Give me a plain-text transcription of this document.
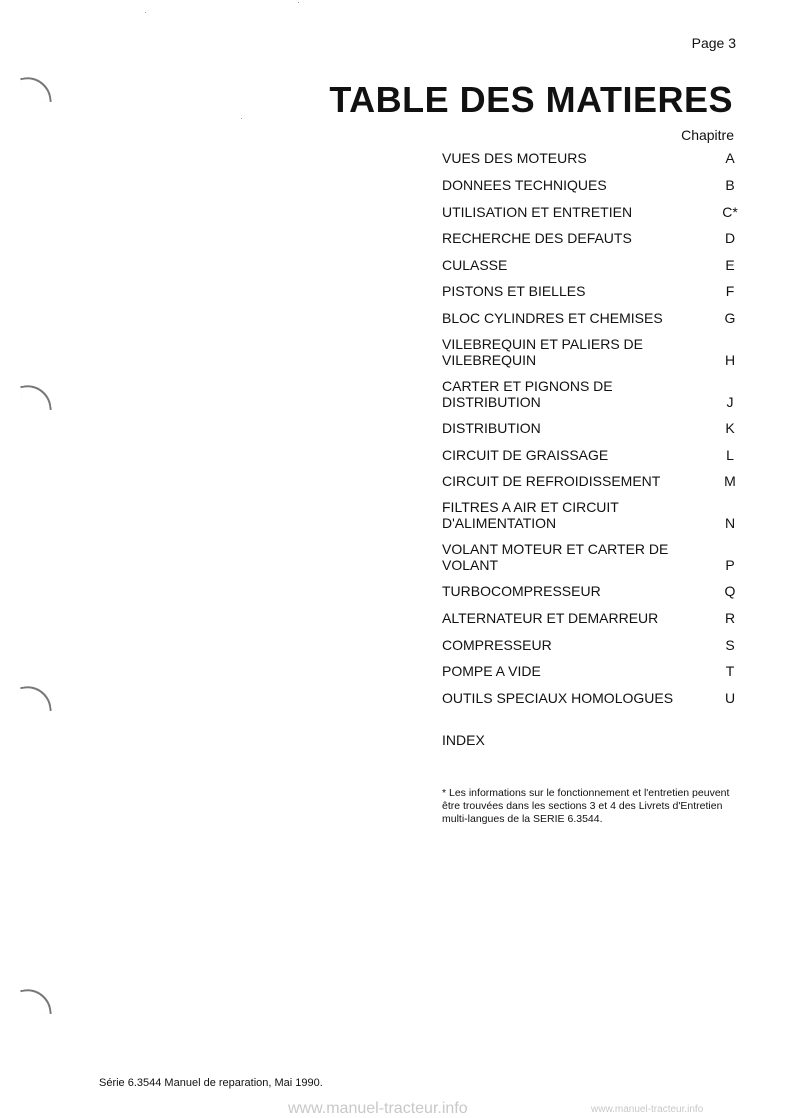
Page 3
TABLE DES MATIERES
Chapitre
VUES DES MOTEURS	A
DONNEES TECHNIQUES	B
UTILISATION ET ENTRETIEN	C*
RECHERCHE DES DEFAUTS	D
CULASSE	E
PISTONS ET BIELLES	F
BLOC CYLINDRES ET CHEMISES	G
VILEBREQUIN ET PALIERS DE VILEBREQUIN	H
CARTER ET PIGNONS DE DISTRIBUTION	J
DISTRIBUTION	K
CIRCUIT DE GRAISSAGE	L
CIRCUIT DE REFROIDISSEMENT	M
FILTRES A AIR ET CIRCUIT D'ALIMENTATION	N
VOLANT MOTEUR ET CARTER DE VOLANT	P
TURBOCOMPRESSEUR	Q
ALTERNATEUR ET DEMARREUR	R
COMPRESSEUR	S
POMPE A VIDE	T
OUTILS SPECIAUX HOMOLOGUES	U
INDEX
* Les informations sur le fonctionnement et l'entretien peuvent être trouvées dans les sections 3 et 4 des Livrets d'Entretien multi-langues de la SERIE 6.3544.
Série 6.3544 Manuel de reparation, Mai 1990.
www.manuel-tracteur.info	www.manuel-tracteur.info
